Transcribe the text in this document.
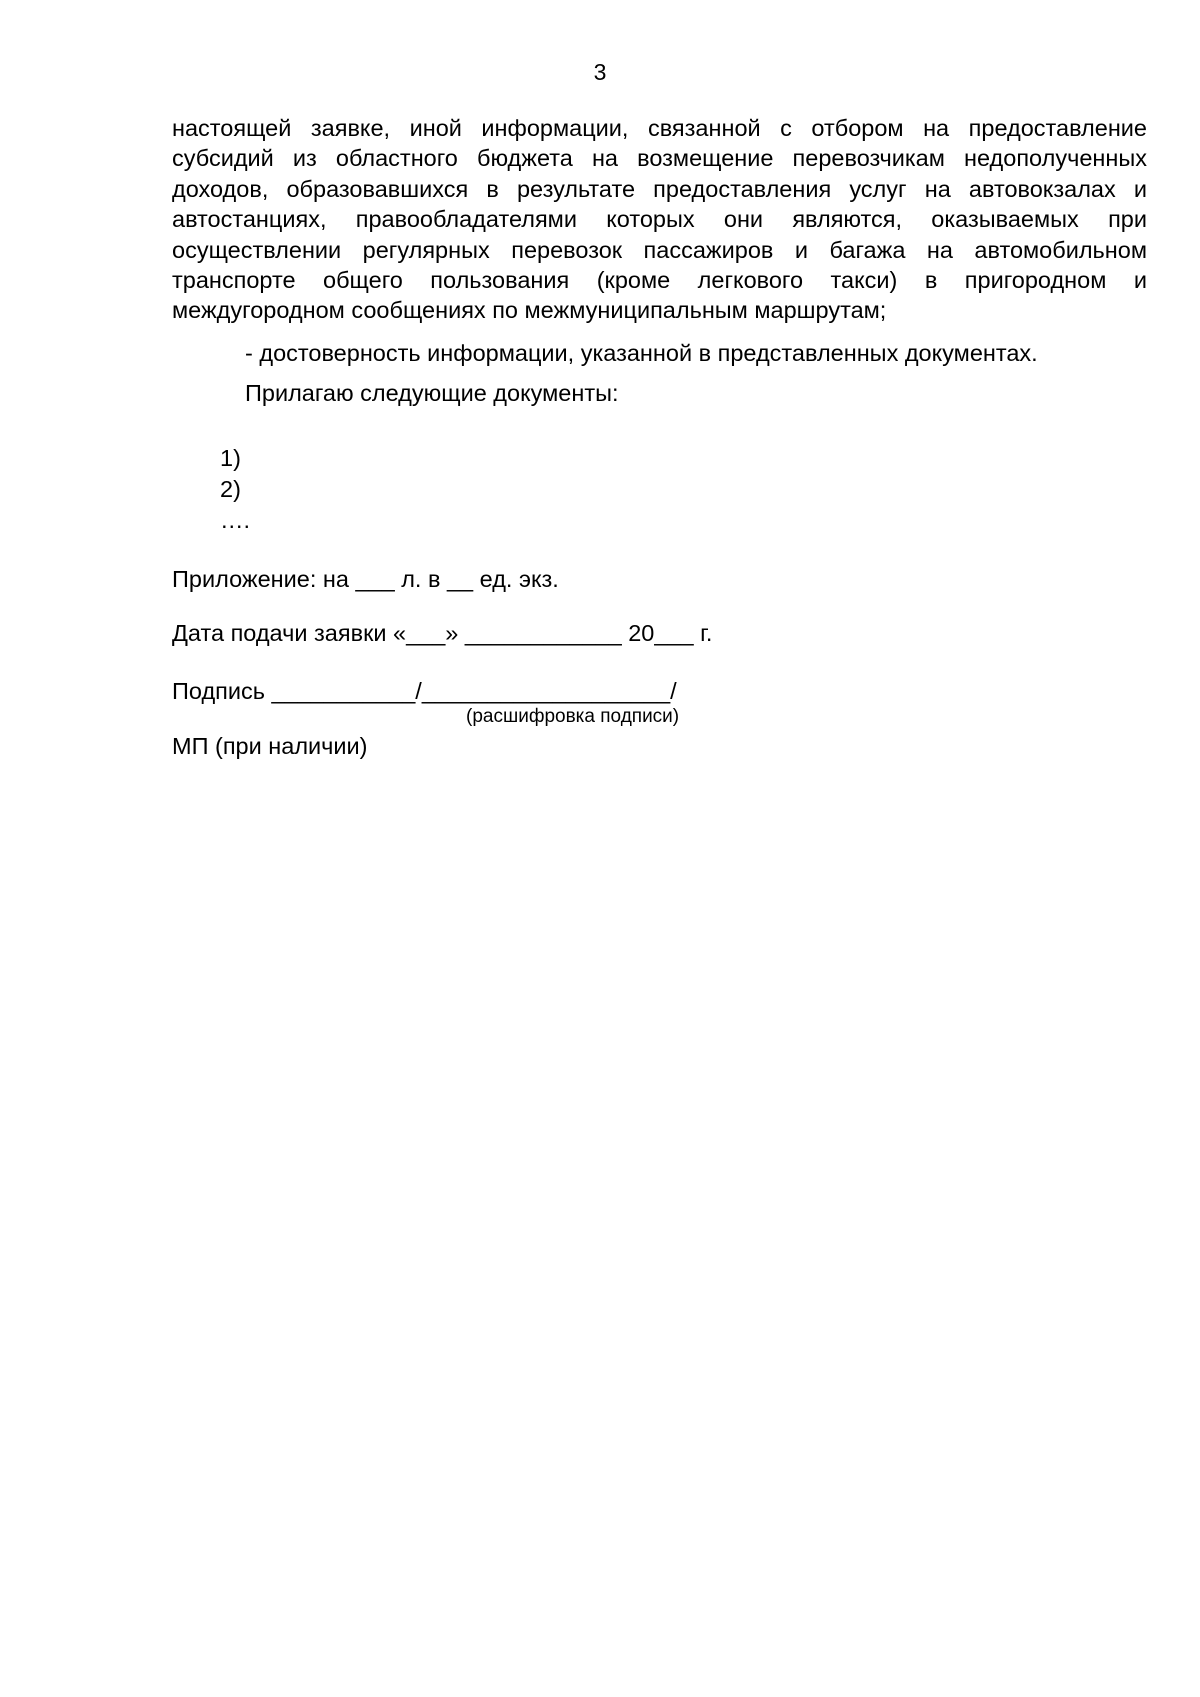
3

настоящей заявке, иной информации, связанной с отбором на предоставление субсидий из областного бюджета на возмещение перевозчикам недополученных доходов, образовавшихся в результате предоставления услуг на автовокзалах и автостанциях, правообладателями которых они являются, оказываемых при осуществлении регулярных перевозок пассажиров и багажа на автомобильном транспорте общего пользования (кроме легкового такси) в пригородном и междугородном сообщениях по межмуниципальным маршрутам;

- достоверность информации, указанной в представленных документах.

Прилагаю следующие документы:

1)
2)
….

Приложение: на ___ л. в __ ед. экз.

Дата подачи заявки «___» ____________ 20___ г.

Подпись ___________/___________________/

(расшифровка подписи)

МП (при наличии)
